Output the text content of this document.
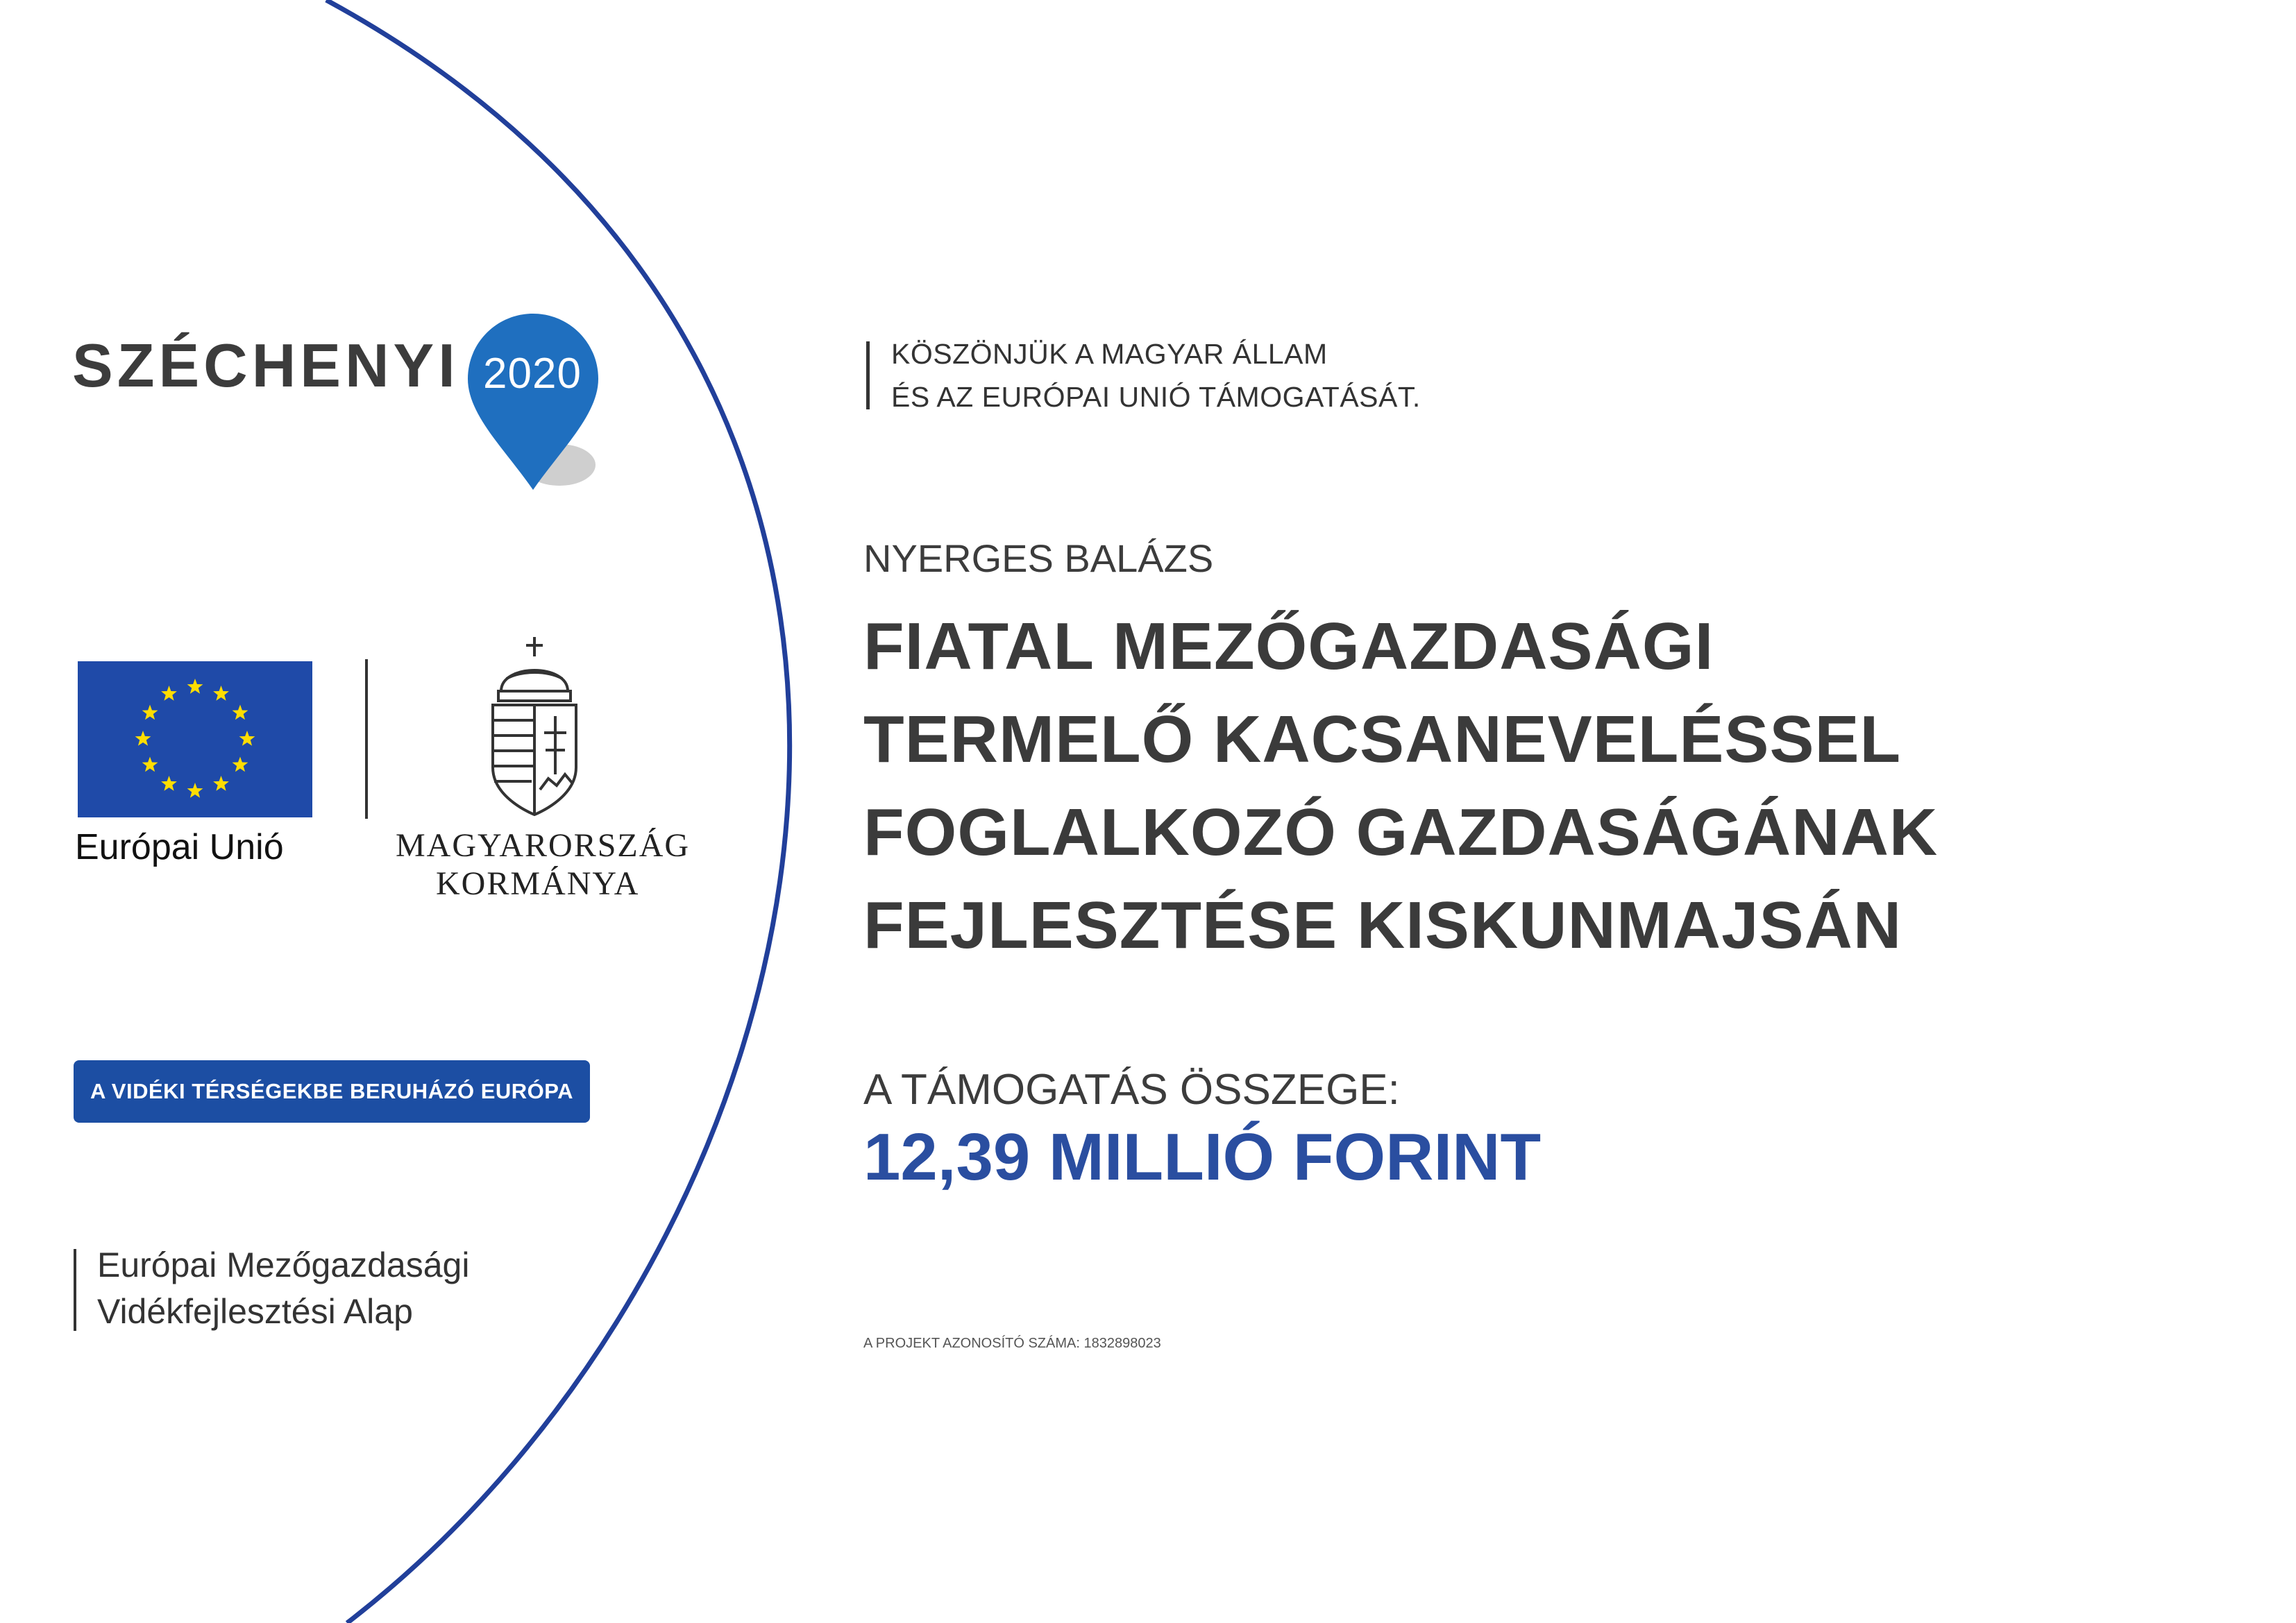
SZÉCHENYI 2020
Európai Unió	MAGYARORSZÁG
KORMÁNYA
A VIDÉKI TÉRSÉGEKBE BERUHÁZÓ EURÓPA
Európai Mezőgazdasági
Vidékfejlesztési Alap
KÖSZÖNJÜK A MAGYAR ÁLLAM
ÉS AZ EURÓPAI UNIÓ TÁMOGATÁSÁT.
NYERGES BALÁZS
FIATAL MEZŐGAZDASÁGI
TERMELŐ KACSANEVELÉSSEL
FOGLALKOZÓ GAZDASÁGÁNAK
FEJLESZTÉSE KISKUNMAJSÁN
A TÁMOGATÁS ÖSSZEGE:
12,39 MILLIÓ FORINT
A PROJEKT AZONOSÍTÓ SZÁMA: 1832898023
